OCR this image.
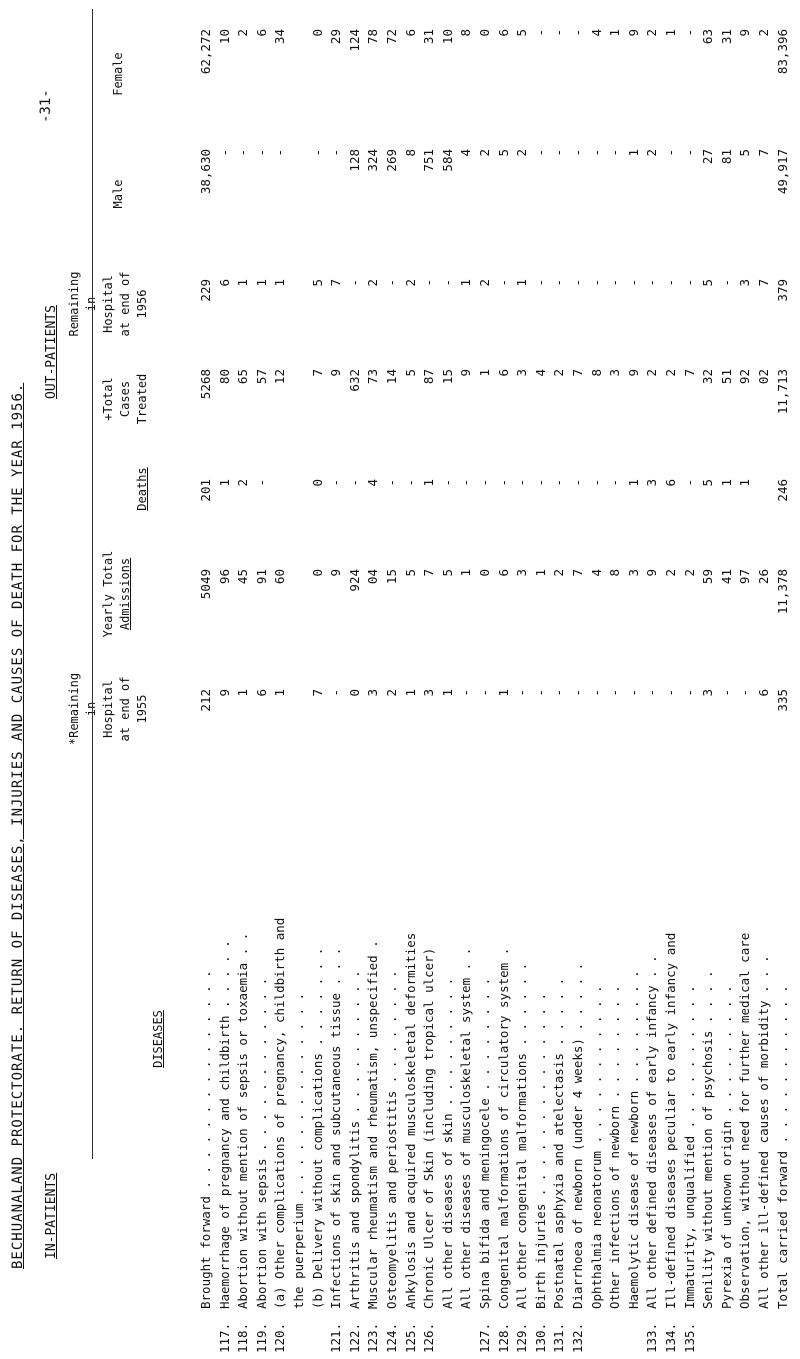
BECHUANALAND PROTECTORATE. RETURN OF DISEASES, INJURIES AND CAUSES OF DEATH FOR THE YEAR 1956.
-31-
IN-PATIENTS
OUT-PATIENTS
DISEASES
*Remaining in Hospital at end of 1955
Yearly Total Admissions
Deaths
+Total Cases Treated
Remaining in Hospital at end of 1956
Male
Female
Brought forward . . . . . . . . . . . . . . .
212
5049
201
5268
229
38,630
62,272
117.
Haemorrhage of pregnancy and childbirth . . . . .
9
96
1
80
6
-
10
118.
Abortion without mention of sepsis or toxaemia . .
1
45
2
65
1
-
2
119.
Abortion with sepsis . . . . . . . . . . . .
6
91
-
57
1
-
6
120.
(a) Other complications of pregnancy, childbirth and
1
60
12
1
-
34
the puerperium . . . . . . . . . . . . . . (b) Delivery without complications . . . . . . .
7
0
0
7
5
-
0
121.
Infections of skin and subcutaneous tissue . . .
-
9
-
9
7
-
29
122.
Arthritis and spondylitis . . . . . . . . . .
0
924
-
632
-
128
124
123.
Muscular rheumatism and rheumatism, unspecified .
3
04
4
73
2
324
78
124.
Osteomyelitis and periostitis . . . . . . . .
2
15
-
14
-
269
72
125.
Ankylosis and acquired musculoskeletal deformities
1
5
-
5
2
8
6
126.
Chronic Ulcer of Skin (including tropical ulcer)
3
7
1
87
-
751
31
All other diseases of skin . . . . . . . . .
1
5
-
15
-
584
10
All other diseases of musculoskeletal system . .
-
1
-
9
1
4
8
127.
Spina bifida and meningocele . . . . . . . .
-
0
-
1
2
2
0
128.
Congenital malformations of circulatory system .
1
6
-
6
-
5
6
129.
All other congenital malformations . . . . . .
-
3
-
3
1
2
5
130.
Birth injuries . . . . . . . . . . . . . .
-
1
-
4
-
-
-
131.
Postnatal asphyxia and atelectasis . . . . .
-
2
-
2
-
-
-
132.
Diarrhoea of newborn (under 4 weeks) . . . . .
-
7
-
7
-
-
-
Ophthalmia neonatorum . . . . . . . . . . .
-
4
-
8
-
-
4
Other infections of newborn . . . . . . . .
-
8
-
3
-
-
1
Haemolytic disease of newborn . . . . . . . .
-
3
1
9
-
1
9
133.
All other defined diseases of early infancy . .
-
9
3
2
-
2
2
134.
Ill-defined diseases peculiar to early infancy and
-
2
6
2
-
-
1
135.
Immaturity, unqualified . . . . . . . . . .
-
2
-
7
-
-
-
Senility without mention of psychosis . . . .
3
59
5
32
5
27
63
Pyrexia of unknown origin . . . . . . . . .
-
41
1
51
-
81
31
Observation, without need for further medical care
-
97
1
92
3
5
9
All other ill-defined causes of morbidity . . .
6
26
02
7
7
2
Total carried forward . . . . . . . . . . .
335
11,378
246
11,713
379
49,917
83,396
